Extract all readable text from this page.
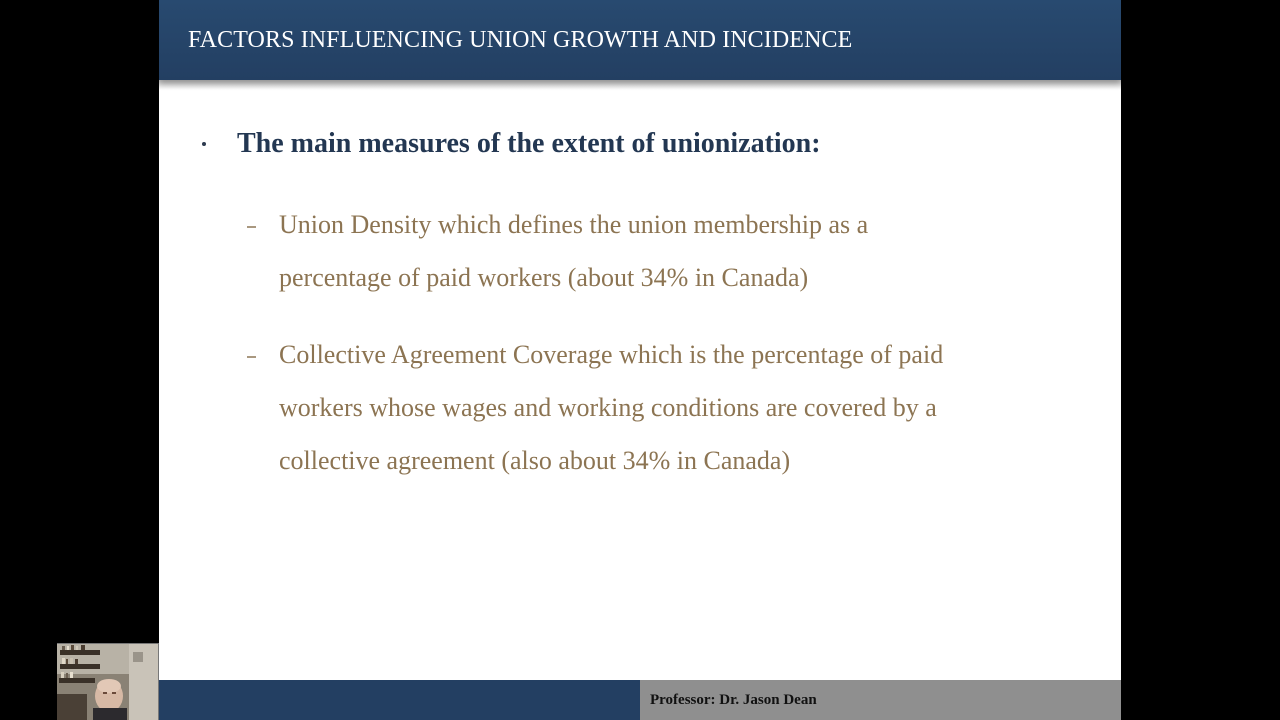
FACTORS INFLUENCING UNION GROWTH AND INCIDENCE
The main measures of the extent of unionization:
Union Density which defines the union membership as a
percentage of paid workers (about 34% in Canada)
Collective Agreement Coverage which is the percentage of paid
workers whose wages and working conditions are covered by a
collective agreement (also about 34% in Canada)
Professor: Dr. Jason Dean
